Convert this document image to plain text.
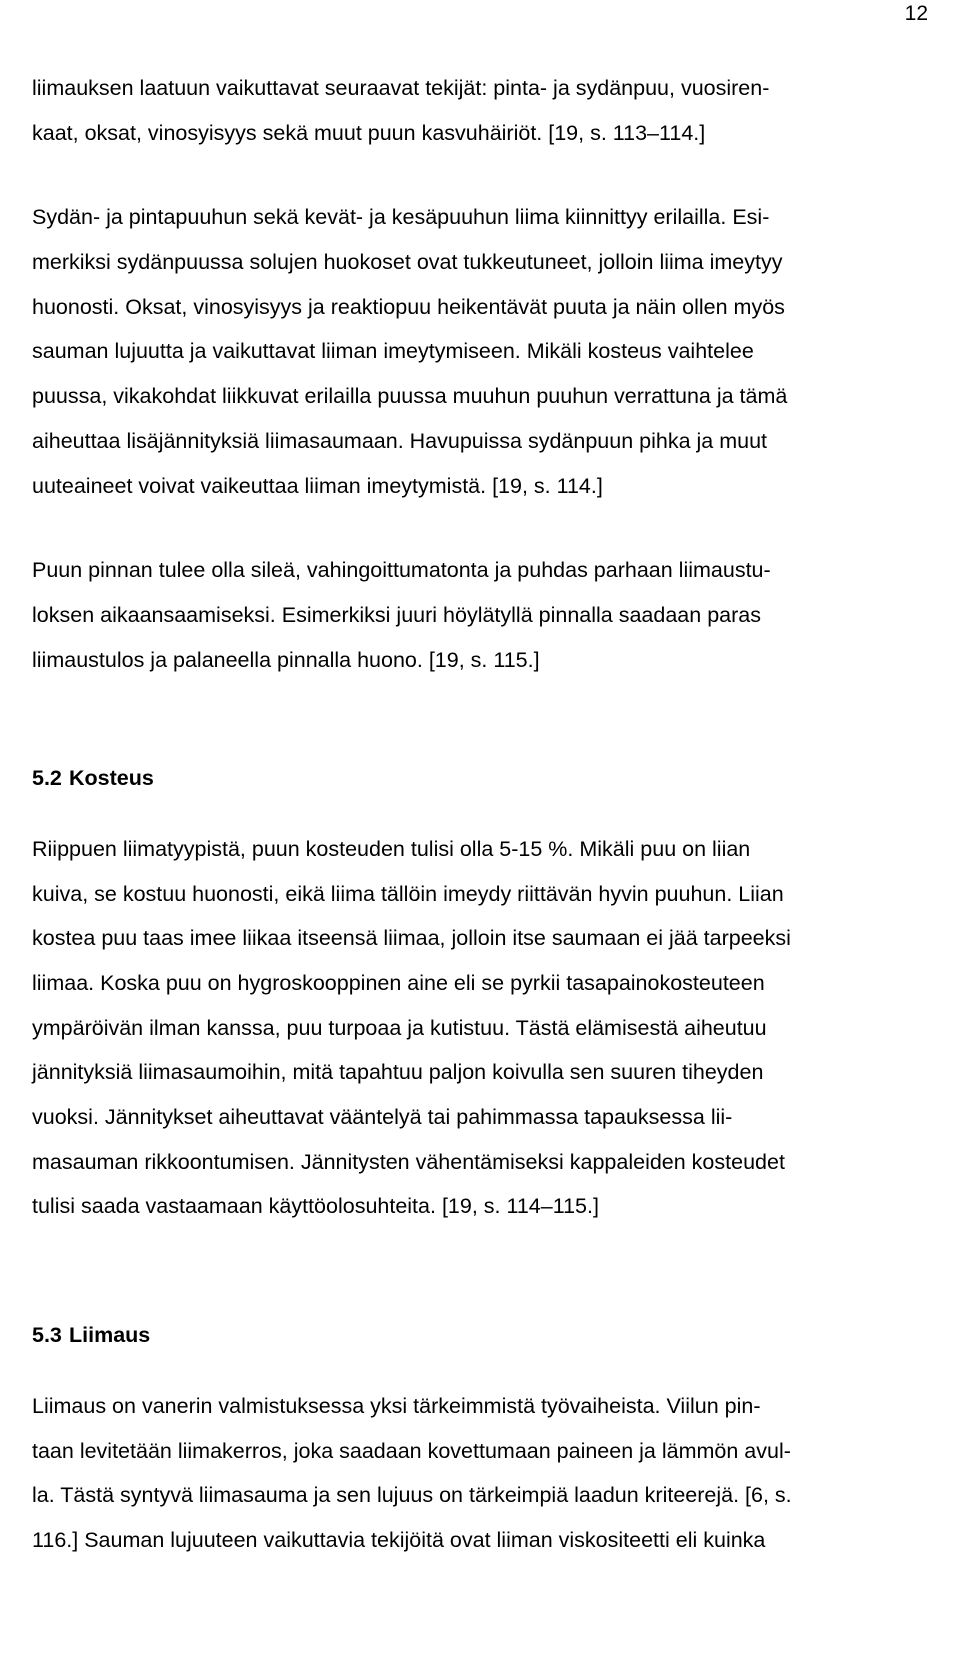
12
liimauksen laatuun vaikuttavat seuraavat tekijät: pinta- ja sydänpuu, vuosiren-
kaat, oksat, vinosyisyys sekä muut puun kasvuhäiriöt. [19, s. 113–114.]
Sydän- ja pintapuuhun sekä kevät- ja kesäpuuhun liima kiinnittyy erilailla. Esi-
merkiksi sydänpuussa solujen huokoset ovat tukkeutuneet, jolloin liima imeytyy
huonosti. Oksat, vinosyisyys ja reaktiopuu heikentävät puuta ja näin ollen myös
sauman lujuutta ja vaikuttavat liiman imeytymiseen. Mikäli kosteus vaihtelee
puussa, vikakohdat liikkuvat erilailla puussa muuhun puuhun verrattuna ja tämä
aiheuttaa lisäjännityksiä liimasaumaan. Havupuissa sydänpuun pihka ja muut
uuteaineet voivat vaikeuttaa liiman imeytymistä. [19, s. 114.]
Puun pinnan tulee olla sileä, vahingoittumatonta ja puhdas parhaan liimaustu-
loksen aikaansaamiseksi. Esimerkiksi juuri höylätyllä pinnalla saadaan paras
liimaustulos ja palaneella pinnalla huono. [19, s. 115.]
5.2 Kosteus
Riippuen liimatyypistä, puun kosteuden tulisi olla 5-15 %. Mikäli puu on liian
kuiva, se kostuu huonosti, eikä liima tällöin imeydy riittävän hyvin puuhun. Liian
kostea puu taas imee liikaa itseensä liimaa, jolloin itse saumaan ei jää tarpeeksi
liimaa. Koska puu on hygroskooppinen aine eli se pyrkii tasapainokosteuteen
ympäröivän ilman kanssa, puu turpoaa ja kutistuu. Tästä elämisestä aiheutuu
jännityksiä liimasaumoihin, mitä tapahtuu paljon koivulla sen suuren tiheyden
vuoksi. Jännitykset aiheuttavat vääntelyä tai pahimmassa tapauksessa lii-
masauman rikkoontumisen. Jännitysten vähentämiseksi kappaleiden kosteudet
tulisi saada vastaamaan käyttöolosuhteita. [19, s. 114–115.]
5.3 Liimaus
Liimaus on vanerin valmistuksessa yksi tärkeimmistä työvaiheista. Viilun pin-
taan levitetään liimakerros, joka saadaan kovettumaan paineen ja lämmön avul-
la. Tästä syntyvä liimasauma ja sen lujuus on tärkeimpiä laadun kriteerejä. [6, s.
116.] Sauman lujuuteen vaikuttavia tekijöitä ovat liiman viskositeetti eli kuinka
